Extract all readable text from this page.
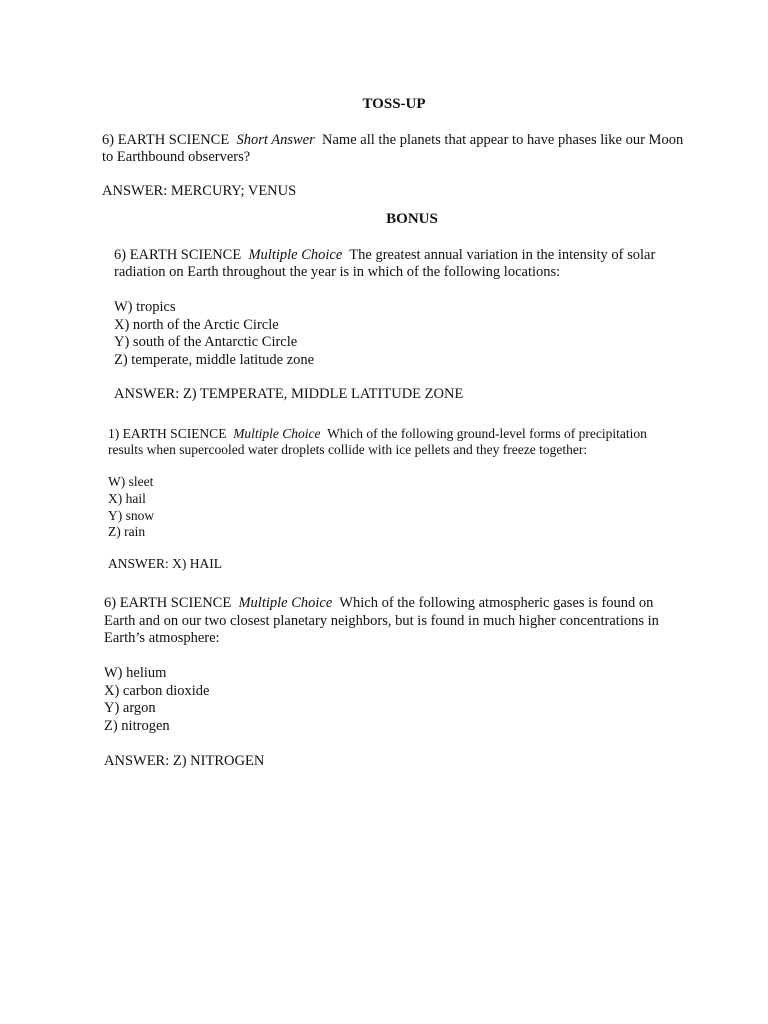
TOSS-UP
6) EARTH SCIENCE Short Answer Name all the planets that appear to have phases like our Moon to Earthbound observers?
ANSWER: MERCURY; VENUS
BONUS
6) EARTH SCIENCE Multiple Choice The greatest annual variation in the intensity of solar radiation on Earth throughout the year is in which of the following locations:
W) tropics
X) north of the Arctic Circle
Y) south of the Antarctic Circle
Z) temperate, middle latitude zone
ANSWER: Z) TEMPERATE, MIDDLE LATITUDE ZONE
1) EARTH SCIENCE Multiple Choice Which of the following ground-level forms of precipitation results when supercooled water droplets collide with ice pellets and they freeze together:
W) sleet
X) hail
Y) snow
Z) rain
ANSWER: X) HAIL
6) EARTH SCIENCE Multiple Choice Which of the following atmospheric gases is found on Earth and on our two closest planetary neighbors, but is found in much higher concentrations in Earth’s atmosphere:
W) helium
X) carbon dioxide
Y) argon
Z) nitrogen
ANSWER: Z) NITROGEN
